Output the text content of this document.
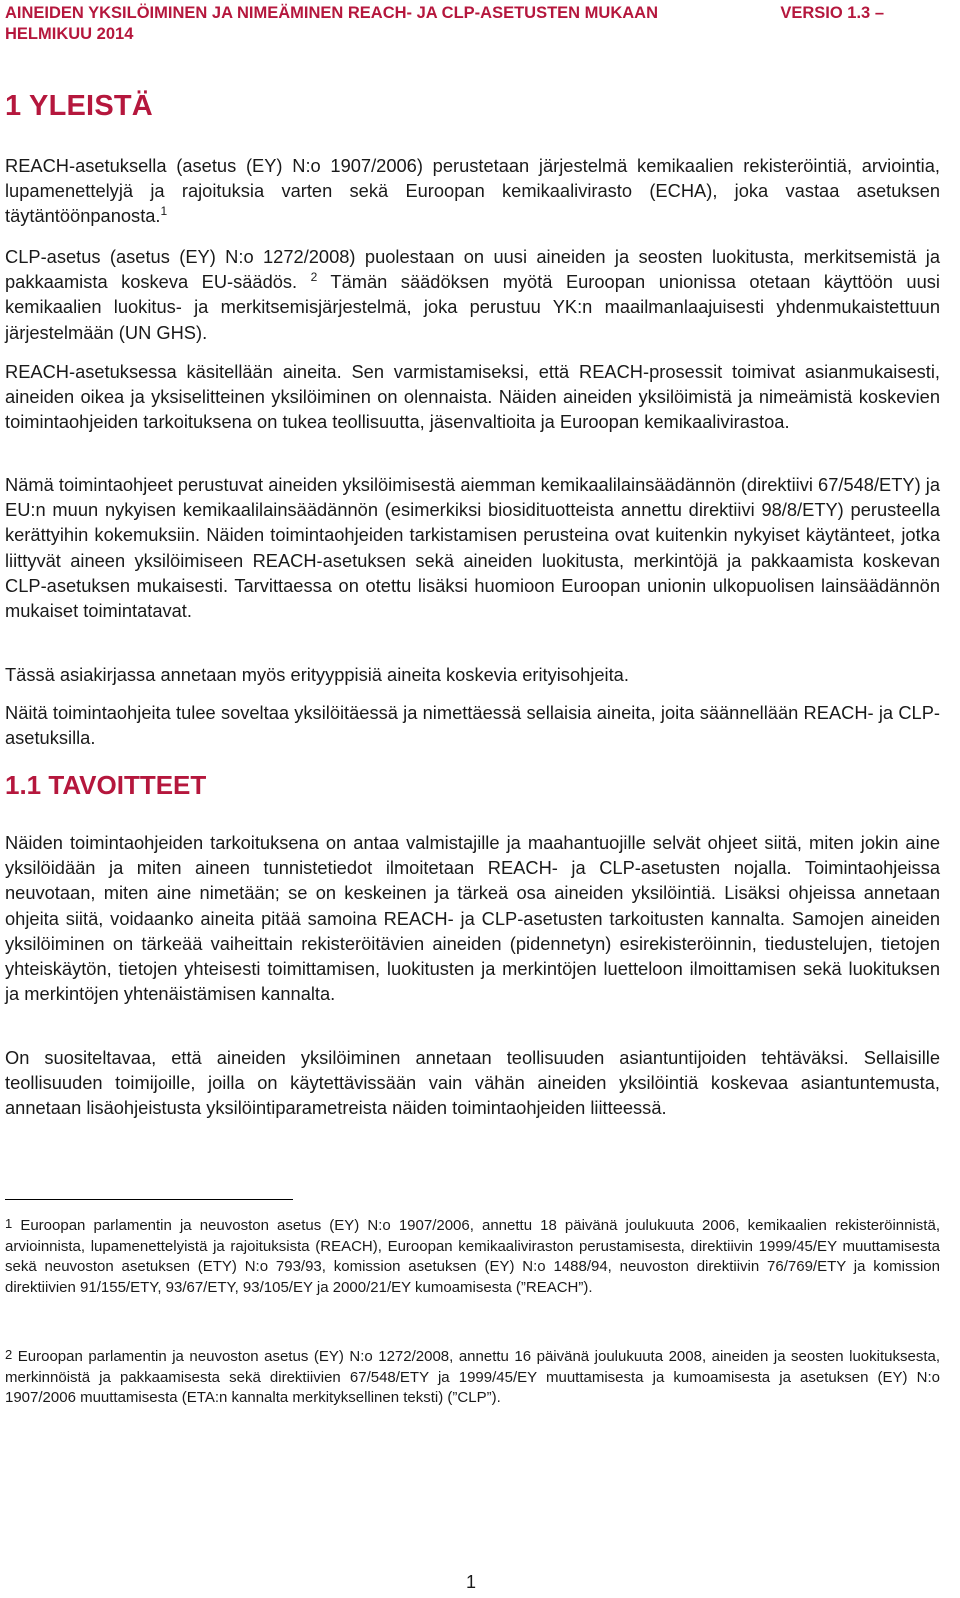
AINEIDEN YKSILÖIMINEN JA NIMEÄMINEN REACH- JA CLP-ASETUSTEN MUKAAN	VERSIO 1.3 –
HELMIKUU 2014
1 YLEISTÄ

REACH-asetuksella (asetus (EY) N:o 1907/2006) perustetaan järjestelmä kemikaalien rekisteröintiä, arviointia, lupamenettelyjä ja rajoituksia varten sekä Euroopan kemikaalivirasto (ECHA), joka vastaa asetuksen täytäntöönpanosta.$^1$

CLP-asetus (asetus (EY) N:o 1272/2008) puolestaan on uusi aineiden ja seosten luokitusta, merkitsemistä ja pakkaamista koskeva EU-säädös. $^2$ Tämän säädöksen myötä Euroopan unionissa otetaan käyttöön uusi kemikaalien luokitus- ja merkitsemisjärjestelmä, joka perustuu YK:n maailmanlaajuisesti yhdenmukaistettuun järjestelmään (UN GHS).

REACH-asetuksessa käsitellään aineita. Sen varmistamiseksi, että REACH-prosessit toimivat asianmukaisesti, aineiden oikea ja yksiselitteinen yksilöiminen on olennaista. Näiden aineiden yksilöimistä ja nimeämistä koskevien toimintaohjeiden tarkoituksena on tukea teollisuutta, jäsenvaltioita ja Euroopan kemikaalivirastoa.

Nämä toimintaohjeet perustuvat aineiden yksilöimisestä aiemman kemikaalilainsäädännön (direktiivi 67/548/ETY) ja EU:n muun nykyisen kemikaalilainsäädännön (esimerkiksi biosidituotteista annettu direktiivi 98/8/ETY) perusteella kerättyihin kokemuksiin. Näiden toimintaohjeiden tarkistamisen perusteina ovat kuitenkin nykyiset käytänteet, jotka liittyvät aineen yksilöimiseen REACH-asetuksen sekä aineiden luokitusta, merkintöjä ja pakkaamista koskevan CLP-asetuksen mukaisesti. Tarvittaessa on otettu lisäksi huomioon Euroopan unionin ulkopuolisen lainsäädännön mukaiset toimintatavat.

Tässä asiakirjassa annetaan myös erityyppisiä aineita koskevia erityisohjeita.

Näitä toimintaohjeita tulee soveltaa yksilöitäessä ja nimettäessä sellaisia aineita, joita säännellään REACH- ja CLP-asetuksilla.

1.1 TAVOITTEET

Näiden toimintaohjeiden tarkoituksena on antaa valmistajille ja maahantuojille selvät ohjeet siitä, miten jokin aine yksilöidään ja miten aineen tunnistetiedot ilmoitetaan REACH- ja CLP-asetusten nojalla. Toimintaohjeissa neuvotaan, miten aine nimetään; se on keskeinen ja tärkeä osa aineiden yksilöintiä. Lisäksi ohjeissa annetaan ohjeita siitä, voidaanko aineita pitää samoina REACH- ja CLP-asetusten tarkoitusten kannalta. Samojen aineiden yksilöiminen on tärkeää vaiheittain rekisteröitävien aineiden (pidennetyn) esirekisteröinnin, tiedustelujen, tietojen yhteiskäytön, tietojen yhteisesti toimittamisen, luokitusten ja merkintöjen luetteloon ilmoittamisen sekä luokituksen ja merkintöjen yhtenäistämisen kannalta.

On suositeltavaa, että aineiden yksilöiminen annetaan teollisuuden asiantuntijoiden tehtäväksi. Sellaisille teollisuuden toimijoille, joilla on käytettävissään vain vähän aineiden yksilöintiä koskevaa asiantuntemusta, annetaan lisäohjeistusta yksilöintiparametreista näiden toimintaohjeiden liitteessä.

$^1$ Euroopan parlamentin ja neuvoston asetus (EY) N:o 1907/2006, annettu 18 päivänä joulukuuta 2006, kemikaalien rekisteröinnistä, arvioinnista, lupamenettelyistä ja rajoituksista (REACH), Euroopan kemikaaliviraston perustamisesta, direktiivin 1999/45/EY muuttamisesta sekä neuvoston asetuksen (ETY) N:o 793/93, komission asetuksen (EY) N:o 1488/94, neuvoston direktiivin 76/769/ETY ja komission direktiivien 91/155/ETY, 93/67/ETY, 93/105/EY ja 2000/21/EY kumoamisesta (”REACH”).

$^2$ Euroopan parlamentin ja neuvoston asetus (EY) N:o 1272/2008, annettu 16 päivänä joulukuuta 2008, aineiden ja seosten luokituksesta, merkinnöistä ja pakkaamisesta sekä direktiivien 67/548/ETY ja 1999/45/EY muuttamisesta ja kumoamisesta ja asetuksen (EY) N:o 1907/2006 muuttamisesta (ETA:n kannalta merkityksellinen teksti) (”CLP”).

1
